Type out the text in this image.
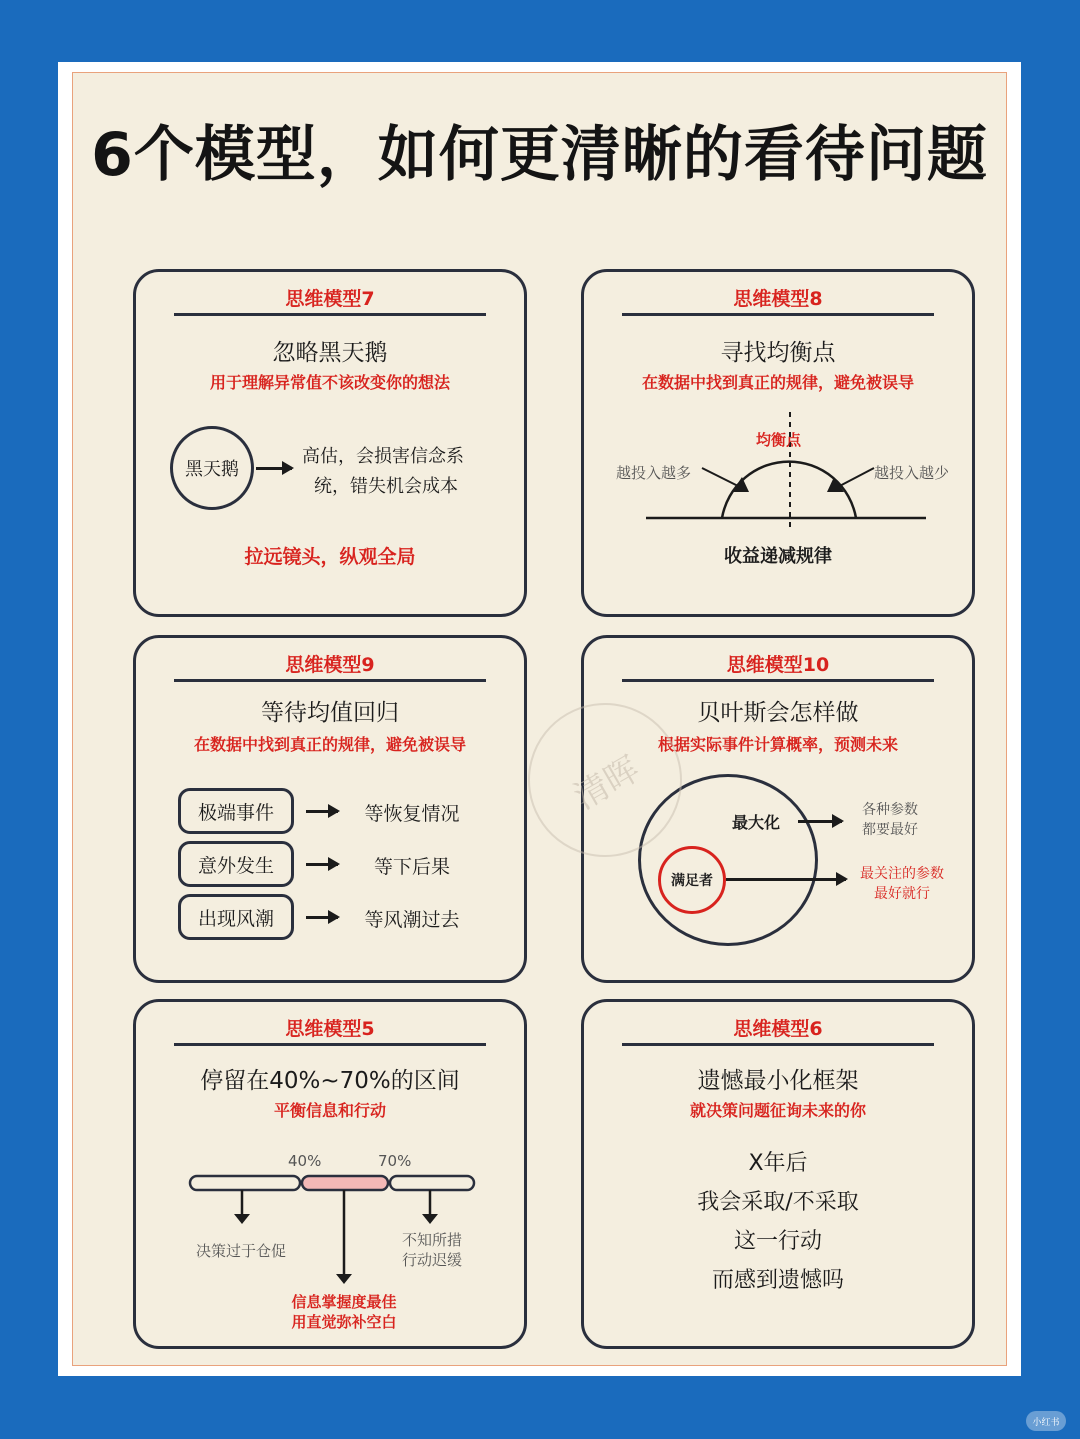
6个模型，如何更清晰的看待问题
思维模型7
忽略黑天鹅
用于理解异常值不该改变你的想法
黑天鹅
高估，会损害信念系
统，错失机会成本
拉远镜头，纵观全局
思维模型8
寻找均衡点
在数据中找到真正的规律，避免被误导
均衡点
越投入越多	越投入越少
收益递减规律
思维模型9
等待均值回归
在数据中找到真正的规律，避免被误导
极端事件	等恢复情况
意外发生	等下后果
出现风潮	等风潮过去
思维模型10
贝叶斯会怎样做
根据实际事件计算概率，预测未来
满足者
最大化
各种参数
都要最好
最关注的参数
最好就行
思维模型5
停留在40%~70%的区间
平衡信息和行动
40%	70%
决策过于仓促
不知所措
行动迟缓
信息掌握度最佳
用直觉弥补空白
思维模型6
遗憾最小化框架
就决策问题征询未来的你
X年后
我会采取/不采取
这一行动
而感到遗憾吗
清晖
小红书
